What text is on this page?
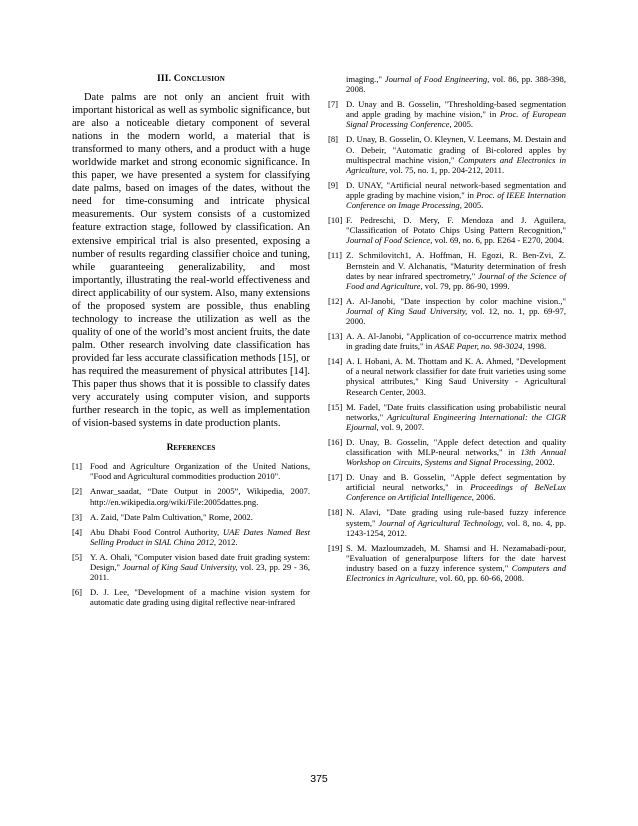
III. Conclusion

Date palms are not only an ancient fruit with important historical as well as symbolic significance, but are also a noticeable dietary component of several nations in the modern world, a material that is transformed to many others, and a product with a huge worldwide market and strong economic significance. In this paper, we have presented a system for classifying date palms, based on images of the dates, without the need for time-consuming and intricate physical measurements. Our system consists of a customized feature extraction stage, followed by classification. An extensive empirical trial is also presented, exposing a number of results regarding classifier choice and tuning, while guaranteeing generalizability, and most importantly, illustrating the real-world effectiveness and direct applicability of our system. Also, many extensions of the proposed system are possible, thus enabling technology to increase the utilization as well as the quality of one of the world’s most ancient fruits, the date palm. Other research involving date classification has provided far less accurate classification methods [15], or has required the measurement of physical attributes [14]. This paper thus shows that it is possible to classify dates very accurately using computer vision, and supports further research in the topic, as well as implementation of vision-based systems in date production plants.

References
[1] Food and Agriculture Organization of the United Nations, "Food and Agricultural commodities production 2010".
[2] Anwar_saadat, “Date Output in 2005”, Wikipedia, 2007. http://en.wikipedia.org/wiki/File:2005dattes.png.
[3] A. Zaid, "Date Palm Cultivation," Rome, 2002.
[4] Abu Dhabi Food Control Authority, UAE Dates Named Best Selling Product in SIAL China 2012, 2012.
[5] Y. A. Ohali, "Computer vision based date fruit grading system: Design," Journal of King Saud University, vol. 23, pp. 29 - 36, 2011.
[6] D. J. Lee, "Development of a machine vision system for automatic date grading using digital reflective near-infrared
imaging.," Journal of Food Engineering, vol. 86, pp. 388-398, 2008.
[7] D. Unay and B. Gosselin, "Thresholding-based segmentation and apple grading by machine vision," in Proc. of European Signal Processing Conference, 2005.
[8] D. Unay, B. Gosselin, O. Kleynen, V. Leemans, M. Destain and O. Debeir, "Automatic grading of Bi-colored apples by multispectral machine vision," Computers and Electronics in Agriculture, vol. 75, no. 1, pp. 204-212, 2011.
[9] D. UNAY, "Artificial neural network-based segmentation and apple grading by machine vision," in Proc. of IEEE Internation Conference on Image Processing, 2005.
[10] F. Pedreschi, D. Mery, F. Mendoza and J. Aguilera, "Classification of Potato Chips Using Pattern Recognition," Journal of Food Science, vol. 69, no. 6, pp. E264 - E270, 2004.
[11] Z. Schmilovitch1, A. Hoffman, H. Egozi, R. Ben-Zvi, Z. Bernstein and V. Alchanatis, "Maturity determination of fresh dates by near infrared spectrometry," Journal of the Science of Food and Agriculture, vol. 79, pp. 86-90, 1999.
[12] A. Al-Janobi, "Date inspection by color machine vision.," Journal of King Saud University, vol. 12, no. 1, pp. 69-97, 2000.
[13] A. A. Al-Janobi, "Application of co-occurrence matrix method in grading date fruits," in ASAE Paper, no. 98-3024, 1998.
[14] A. I. Hobani, A. M. Thottam and K. A. Ahmed, "Development of a neural network classifier for date fruit varieties using some physical attributes," King Saud University - Agricultural Research Center, 2003.
[15] M. Fadel, "Date fruits classification using probabilistic neural networks," Agricultural Engineering International: the CIGR Ejournal, vol. 9, 2007.
[16] D. Unay, B. Gosselin, "Apple defect detection and quality classification with MLP-neural networks," in 13th Annual Workshop on Circuits, Systems and Signal Processing, 2002.
[17] D. Unay and B. Gosselin, "Apple defect segmentation by artificial neural networks," in Proceedings of BeNeLux Conference on Artificial Intelligence, 2006.
[18] N. Alavi, "Date grading using rule-based fuzzy inference system," Journal of Agricultural Technology, vol. 8, no. 4, pp. 1243-1254, 2012.
[19] S. M. Mazloumzadeh, M. Shamsi and H. Nezamabadi-pour, "Evaluation of generalpurpose lifters for the date harvest industry based on a fuzzy inference system," Computers and Electronics in Agriculture, vol. 60, pp. 60-66, 2008.
375
